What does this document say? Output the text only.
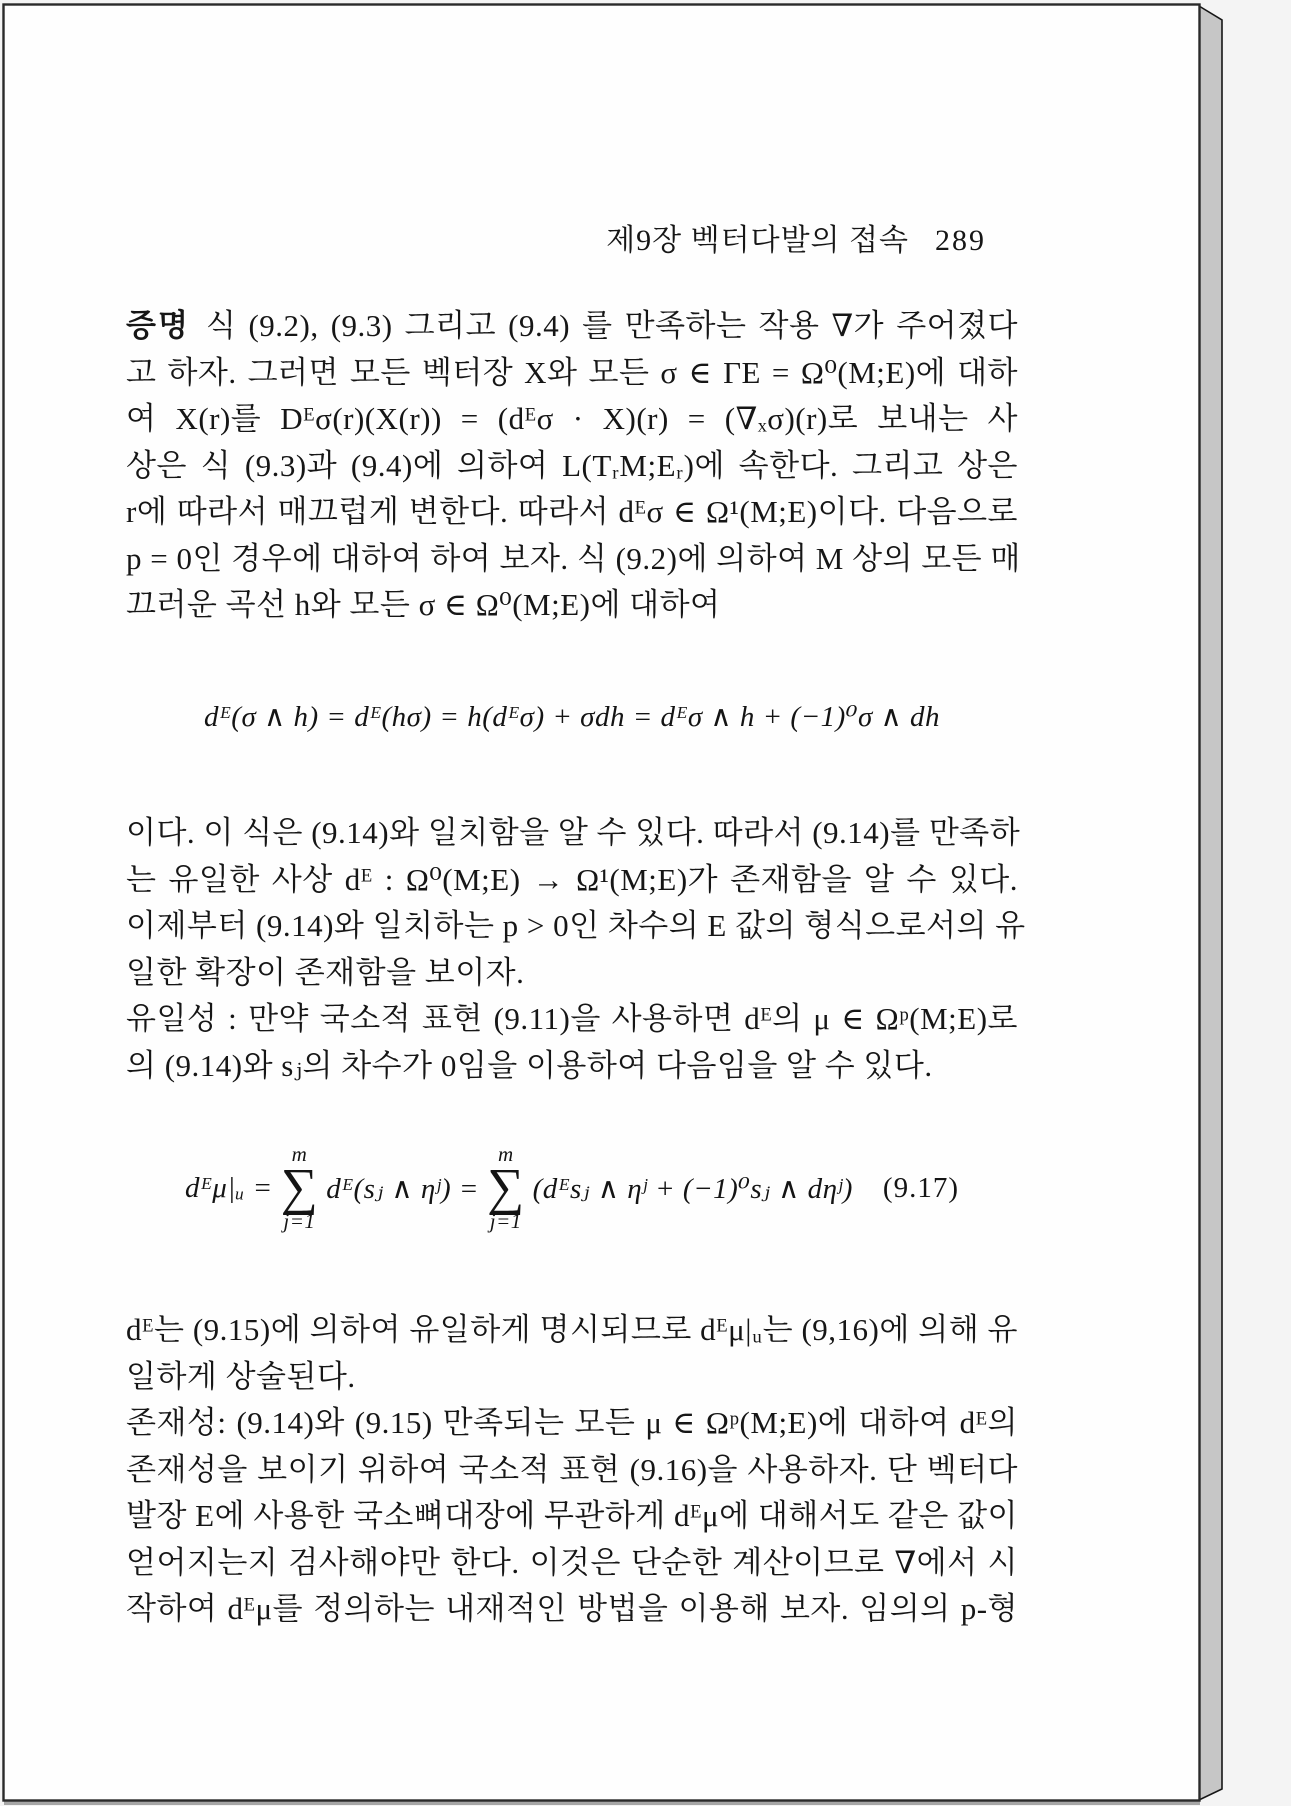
제9장 벡터다발의 접속 289
증명 식 (9.2), (9.3) 그리고 (9.4) 를 만족하는 작용 ∇가 주어졌다
고 하자. 그러면 모든 벡터장 X와 모든 σ ∈ ΓE = Ω⁰(M;E)에 대하
여 X(r)를 Dᴱσ(r)(X(r)) = (dᴱσ · X)(r) = (∇ₓσ)(r)로 보내는 사
상은 식 (9.3)과 (9.4)에 의하여 L(TᵣM;Eᵣ)에 속한다. 그리고 상은
r에 따라서 매끄럽게 변한다. 따라서 dᴱσ ∈ Ω¹(M;E)이다. 다음으로
p = 0인 경우에 대하여 하여 보자. 식 (9.2)에 의하여 M 상의 모든 매
끄러운 곡선 h와 모든 σ ∈ Ω⁰(M;E)에 대하여
dᴱ(σ ∧ h) = dᴱ(hσ) = h(dᴱσ) + σdh = dᴱσ ∧ h + (−1)⁰σ ∧ dh
이다. 이 식은 (9.14)와 일치함을 알 수 있다. 따라서 (9.14)를 만족하
는 유일한 사상 dᴱ : Ω⁰(M;E) → Ω¹(M;E)가 존재함을 알 수 있다.
이제부터 (9.14)와 일치하는 p > 0인 차수의 E 값의 형식으로서의 유
일한 확장이 존재함을 보이자.
유일성 : 만약 국소적 표현 (9.11)을 사용하면 dᴱ의 μ ∈ Ωᵖ(M;E)로
의 (9.14)와 sⱼ의 차수가 0임을 이용하여 다음임을 알 수 있다.
dᴱμ|ᵤ =
m
∑
j=1
dᴱ(sⱼ ∧ ηʲ) =
m
∑
j=1
(dᴱsⱼ ∧ ηʲ + (−1)⁰sⱼ ∧ dηʲ) (9.17)
dᴱ는 (9.15)에 의하여 유일하게 명시되므로 dᴱμ|ᵤ는 (9,16)에 의해 유
일하게 상술된다.
존재성: (9.14)와 (9.15) 만족되는 모든 μ ∈ Ωᵖ(M;E)에 대하여 dᴱ의
존재성을 보이기 위하여 국소적 표현 (9.16)을 사용하자. 단 벡터다
발장 E에 사용한 국소뼈대장에 무관하게 dᴱμ에 대해서도 같은 값이
얻어지는지 검사해야만 한다. 이것은 단순한 계산이므로 ∇에서 시
작하여 dᴱμ를 정의하는 내재적인 방법을 이용해 보자. 임의의 p-형
